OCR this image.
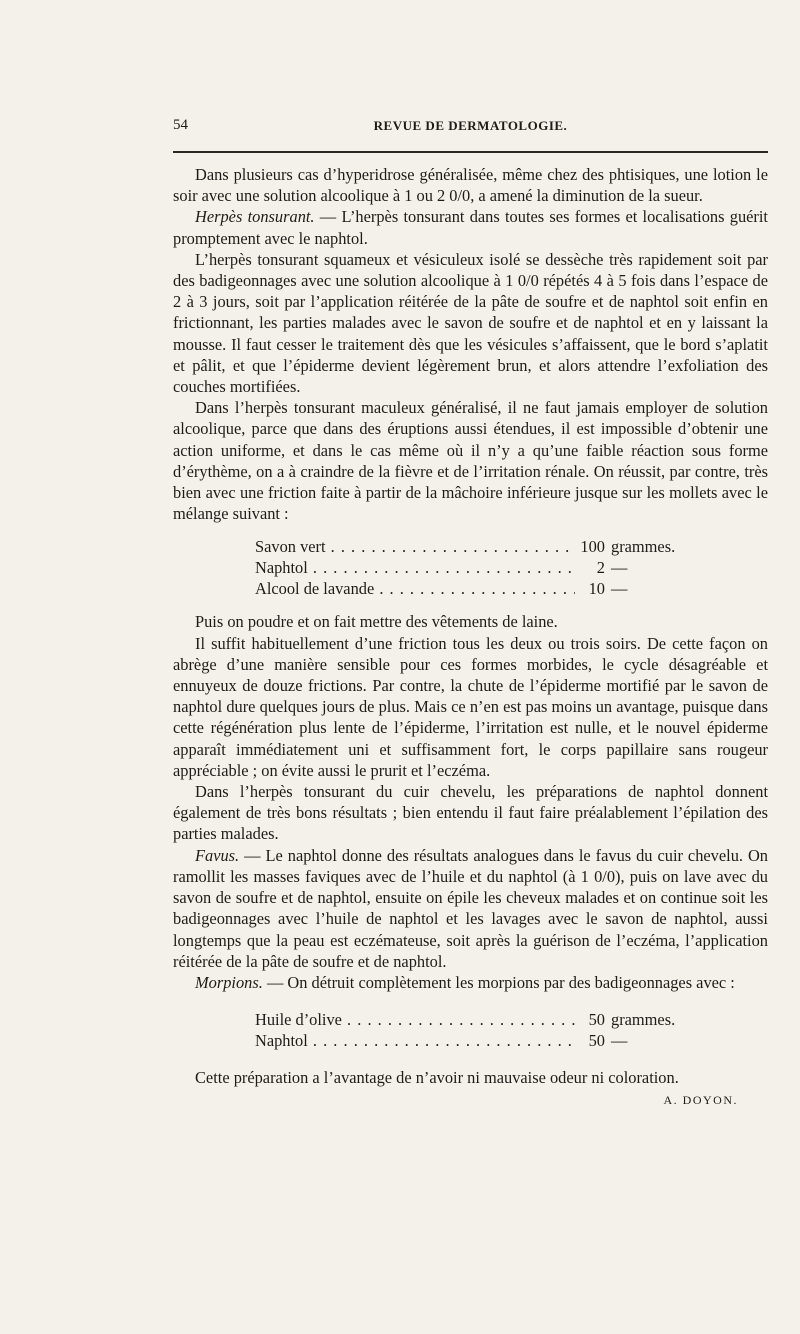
54	REVUE DE DERMATOLOGIE.

Dans plusieurs cas d’hyperidrose généralisée, même chez des phtisiques, une lotion le soir avec une solution alcoolique à 1 ou 2 0/0, a amené la diminution de la sueur.

Herpès tonsurant. — L’herpès tonsurant dans toutes ses formes et localisations guérit promptement avec le naphtol.

L’herpès tonsurant squameux et vésiculeux isolé se dessèche très rapidement soit par des badigeonnages avec une solution alcoolique à 1 0/0 répétés 4 à 5 fois dans l’espace de 2 à 3 jours, soit par l’application réitérée de la pâte de soufre et de naphtol soit enfin en frictionnant, les parties malades avec le savon de soufre et de naphtol et en y laissant la mousse. Il faut cesser le traitement dès que les vésicules s’affaissent, que le bord s’aplatit et pâlit, et que l’épiderme devient légèrement brun, et alors attendre l’exfoliation des couches mortifiées.

Dans l’herpès tonsurant maculeux généralisé, il ne faut jamais employer de solution alcoolique, parce que dans des éruptions aussi étendues, il est impossible d’obtenir une action uniforme, et dans le cas même où il n’y a qu’une faible réaction sous forme d’érythème, on a à craindre de la fièvre et de l’irritation rénale. On réussit, par contre, très bien avec une friction faite à partir de la mâchoire inférieure jusque sur les mollets avec le mélange suivant :

Savon vert . . .	100 grammes.
Naphtol . . .	2 —
Alcool de lavande . . .	10 —

Puis on poudre et on fait mettre des vêtements de laine.

Il suffit habituellement d’une friction tous les deux ou trois soirs. De cette façon on abrège d’une manière sensible pour ces formes morbides, le cycle désagréable et ennuyeux de douze frictions. Par contre, la chute de l’épiderme mortifié par le savon de naphtol dure quelques jours de plus. Mais ce n’en est pas moins un avantage, puisque dans cette régénération plus lente de l’épiderme, l’irritation est nulle, et le nouvel épiderme apparaît immédiatement uni et suffisamment fort, le corps papillaire sans rougeur appréciable ; on évite aussi le prurit et l’eczéma.

Dans l’herpès tonsurant du cuir chevelu, les préparations de naphtol donnent également de très bons résultats ; bien entendu il faut faire préalablement l’épilation des parties malades.

Favus. — Le naphtol donne des résultats analogues dans le favus du cuir chevelu. On ramollit les masses faviques avec de l’huile et du naphtol (à 1 0/0), puis on lave avec du savon de soufre et de naphtol, ensuite on épile les cheveux malades et on continue soit les badigeonnages avec l’huile de naphtol et les lavages avec le savon de naphtol, aussi longtemps que la peau est eczémateuse, soit après la guérison de l’eczéma, l’application réitérée de la pâte de soufre et de naphtol.

Morpions. — On détruit complètement les morpions par des badigeonnages avec :

Huile d’olive . . .	50 grammes.
Naphtol . . .	50 —

Cette préparation a l’avantage de n’avoir ni mauvaise odeur ni coloration.

A. DOYON.
